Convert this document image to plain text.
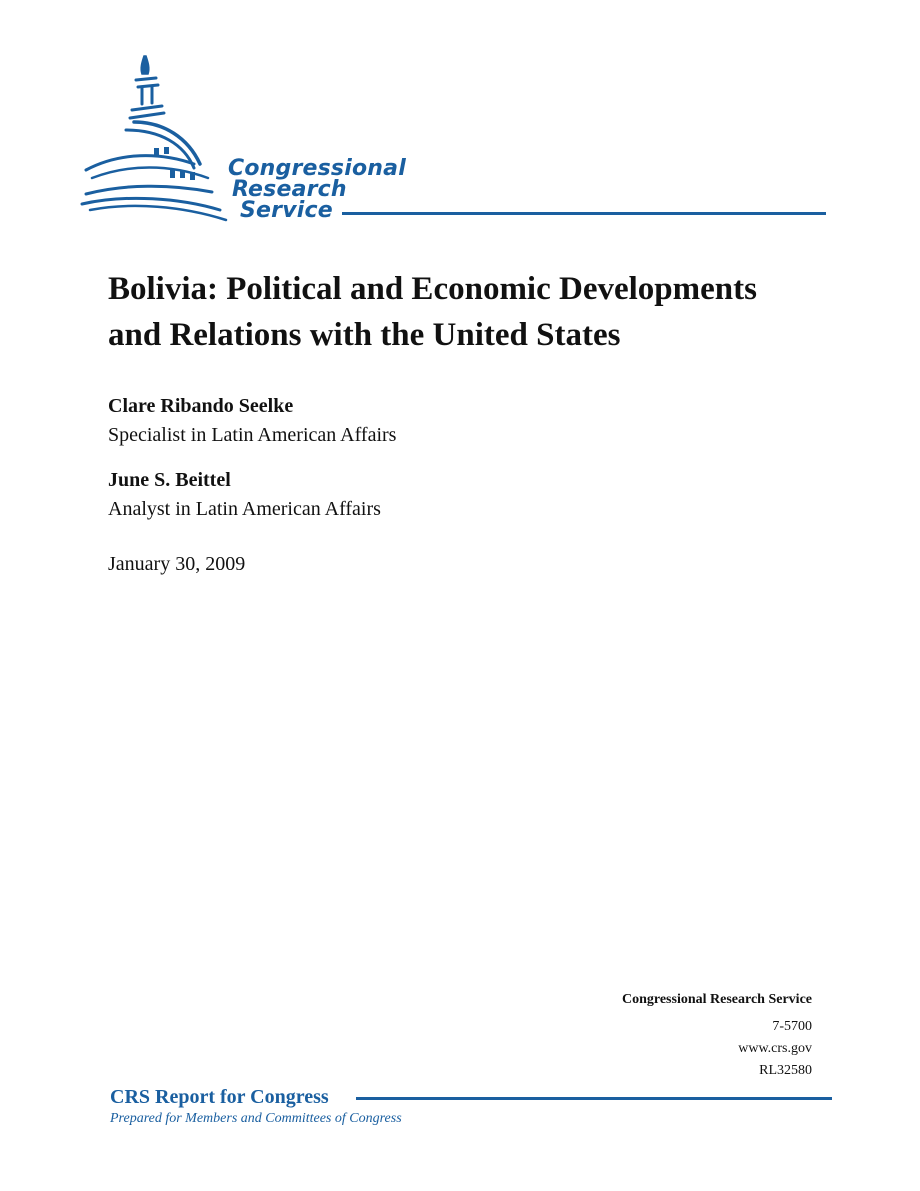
Congressional
Research
Service
Bolivia: Political and Economic Developments
and Relations with the United States
Clare Ribando Seelke
Specialist in Latin American Affairs
June S. Beittel
Analyst in Latin American Affairs
January 30, 2009
Congressional Research Service
7-5700
www.crs.gov
RL32580
CRS Report for Congress
Prepared for Members and Committees of Congress
